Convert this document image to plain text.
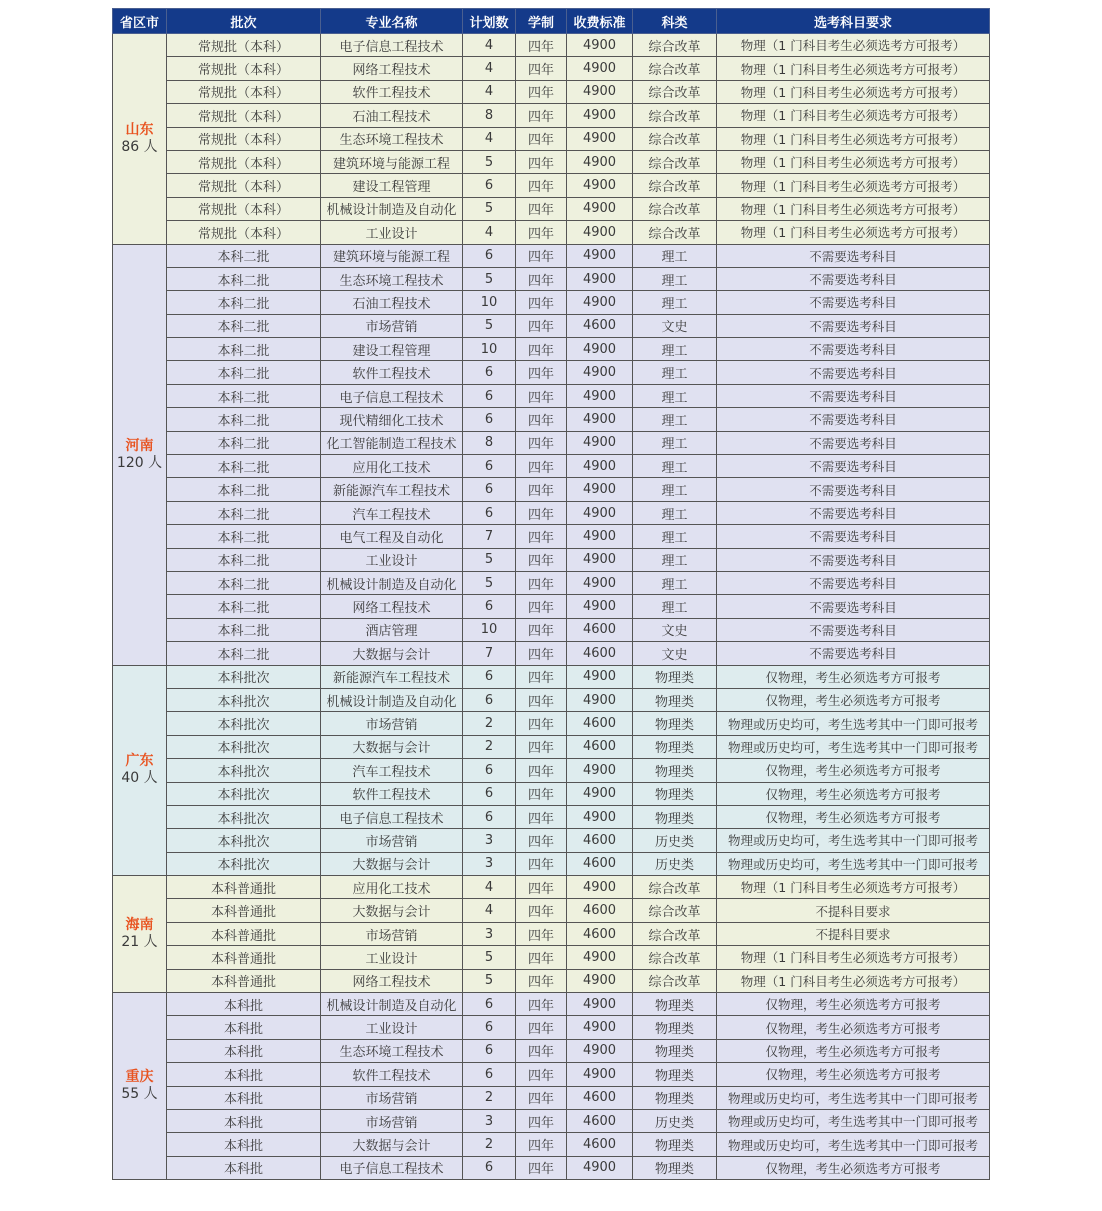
省区市	批次	专业名称	计划数	学制	收费标准	科类	选考科目要求

山东
86 人	常规批（本科）	电子信息工程技术	4	四年	4900	综合改革	物理（1 门科目考生必须选考方可报考）
	常规批（本科）	网络工程技术	4	四年	4900	综合改革	物理（1 门科目考生必须选考方可报考）
	常规批（本科）	软件工程技术	4	四年	4900	综合改革	物理（1 门科目考生必须选考方可报考）
	常规批（本科）	石油工程技术	8	四年	4900	综合改革	物理（1 门科目考生必须选考方可报考）
	常规批（本科）	生态环境工程技术	4	四年	4900	综合改革	物理（1 门科目考生必须选考方可报考）
	常规批（本科）	建筑环境与能源工程	5	四年	4900	综合改革	物理（1 门科目考生必须选考方可报考）
	常规批（本科）	建设工程管理	6	四年	4900	综合改革	物理（1 门科目考生必须选考方可报考）
	常规批（本科）	机械设计制造及自动化	5	四年	4900	综合改革	物理（1 门科目考生必须选考方可报考）
	常规批（本科）	工业设计	4	四年	4900	综合改革	物理（1 门科目考生必须选考方可报考）

河南
120 人	本科二批	建筑环境与能源工程	6	四年	4900	理工	不需要选考科目
	本科二批	生态环境工程技术	5	四年	4900	理工	不需要选考科目
	本科二批	石油工程技术	10	四年	4900	理工	不需要选考科目
	本科二批	市场营销	5	四年	4600	文史	不需要选考科目
	本科二批	建设工程管理	10	四年	4900	理工	不需要选考科目
	本科二批	软件工程技术	6	四年	4900	理工	不需要选考科目
	本科二批	电子信息工程技术	6	四年	4900	理工	不需要选考科目
	本科二批	现代精细化工技术	6	四年	4900	理工	不需要选考科目
	本科二批	化工智能制造工程技术	8	四年	4900	理工	不需要选考科目
	本科二批	应用化工技术	6	四年	4900	理工	不需要选考科目
	本科二批	新能源汽车工程技术	6	四年	4900	理工	不需要选考科目
	本科二批	汽车工程技术	6	四年	4900	理工	不需要选考科目
	本科二批	电气工程及自动化	7	四年	4900	理工	不需要选考科目
	本科二批	工业设计	5	四年	4900	理工	不需要选考科目
	本科二批	机械设计制造及自动化	5	四年	4900	理工	不需要选考科目
	本科二批	网络工程技术	6	四年	4900	理工	不需要选考科目
	本科二批	酒店管理	10	四年	4600	文史	不需要选考科目
	本科二批	大数据与会计	7	四年	4600	文史	不需要选考科目

广东
40 人	本科批次	新能源汽车工程技术	6	四年	4900	物理类	仅物理，考生必须选考方可报考
	本科批次	机械设计制造及自动化	6	四年	4900	物理类	仅物理，考生必须选考方可报考
	本科批次	市场营销	2	四年	4600	物理类	物理或历史均可，考生选考其中一门即可报考
	本科批次	大数据与会计	2	四年	4600	物理类	物理或历史均可，考生选考其中一门即可报考
	本科批次	汽车工程技术	6	四年	4900	物理类	仅物理，考生必须选考方可报考
	本科批次	软件工程技术	6	四年	4900	物理类	仅物理，考生必须选考方可报考
	本科批次	电子信息工程技术	6	四年	4900	物理类	仅物理，考生必须选考方可报考
	本科批次	市场营销	3	四年	4600	历史类	物理或历史均可，考生选考其中一门即可报考
	本科批次	大数据与会计	3	四年	4600	历史类	物理或历史均可，考生选考其中一门即可报考

海南
21 人	本科普通批	应用化工技术	4	四年	4900	综合改革	物理（1 门科目考生必须选考方可报考）
	本科普通批	大数据与会计	4	四年	4600	综合改革	不提科目要求
	本科普通批	市场营销	3	四年	4600	综合改革	不提科目要求
	本科普通批	工业设计	5	四年	4900	综合改革	物理（1 门科目考生必须选考方可报考）
	本科普通批	网络工程技术	5	四年	4900	综合改革	物理（1 门科目考生必须选考方可报考）

重庆
55 人	本科批	机械设计制造及自动化	6	四年	4900	物理类	仅物理，考生必须选考方可报考
	本科批	工业设计	6	四年	4900	物理类	仅物理，考生必须选考方可报考
	本科批	生态环境工程技术	6	四年	4900	物理类	仅物理，考生必须选考方可报考
	本科批	软件工程技术	6	四年	4900	物理类	仅物理，考生必须选考方可报考
	本科批	市场营销	2	四年	4600	物理类	物理或历史均可，考生选考其中一门即可报考
	本科批	市场营销	3	四年	4600	历史类	物理或历史均可，考生选考其中一门即可报考
	本科批	大数据与会计	2	四年	4600	物理类	物理或历史均可，考生选考其中一门即可报考
	本科批	电子信息工程技术	6	四年	4900	物理类	仅物理，考生必须选考方可报考
